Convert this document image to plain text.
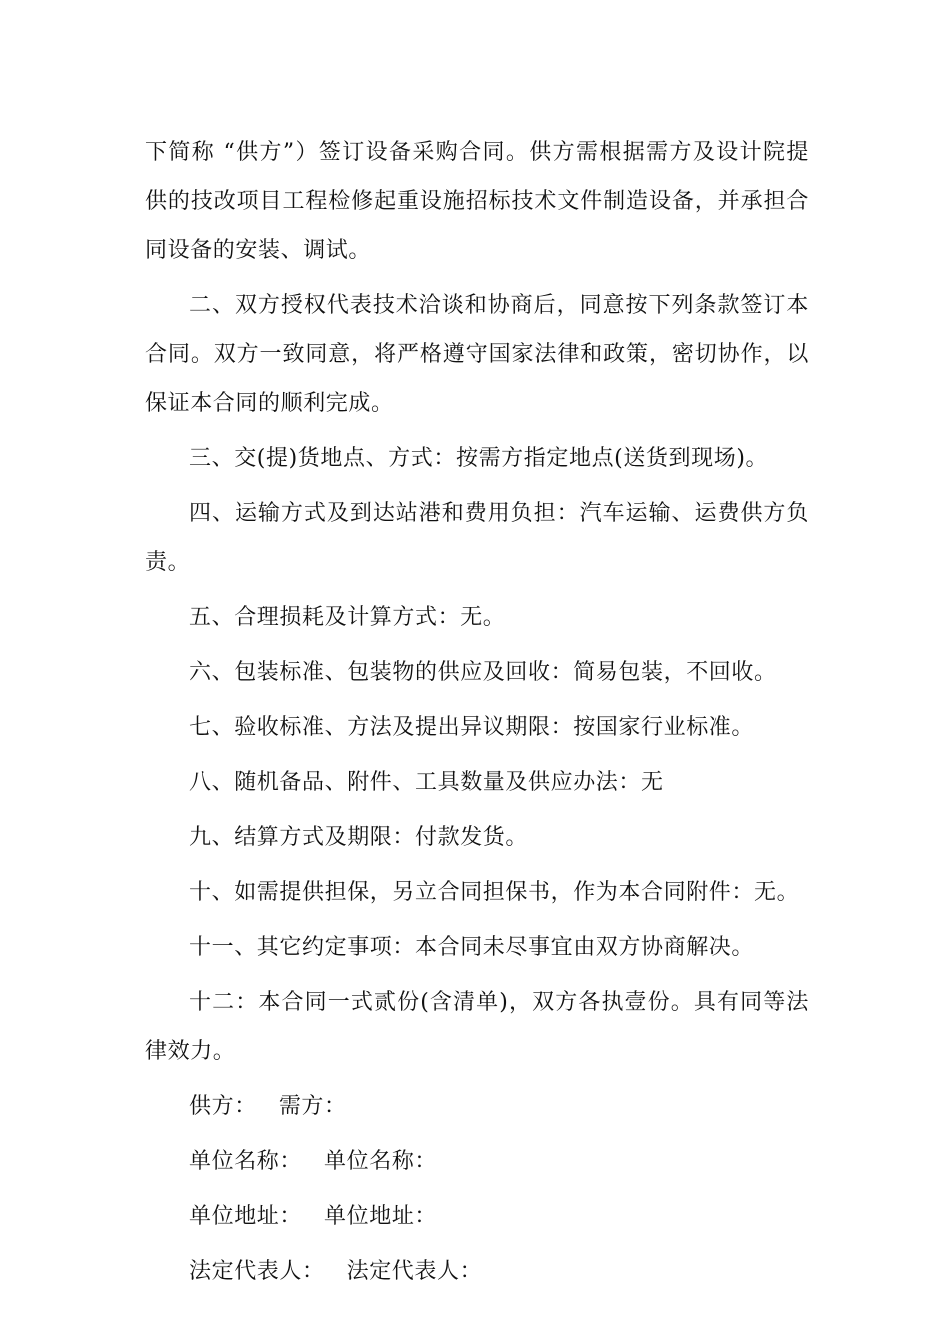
下简称 “供方”）签订设备采购合同。供方需根据需方及设计院提供的技改项目工程检修起重设施招标技术文件制造设备，并承担合同设备的安装、调试。

二、双方授权代表技术洽谈和协商后，同意按下列条款签订本合同。双方一致同意，将严格遵守国家法律和政策，密切协作，以保证本合同的顺利完成。

三、交(提)货地点、方式：按需方指定地点(送货到现场)。

四、运输方式及到达站港和费用负担：汽车运输、运费供方负责。

五、合理损耗及计算方式：无。

六、包装标准、包装物的供应及回收：简易包装，不回收。

七、验收标准、方法及提出异议期限：按国家行业标准。

八、随机备品、附件、工具数量及供应办法：无

九、结算方式及期限：付款发货。

十、如需提供担保，另立合同担保书，作为本合同附件：无。

十一、其它约定事项：本合同未尽事宜由双方协商解决。

十二：本合同一式贰份(含清单)，双方各执壹份。具有同等法律效力。

供方： 需方：
单位名称： 单位名称：
单位地址： 单位地址：
法定代表人： 法定代表人：
